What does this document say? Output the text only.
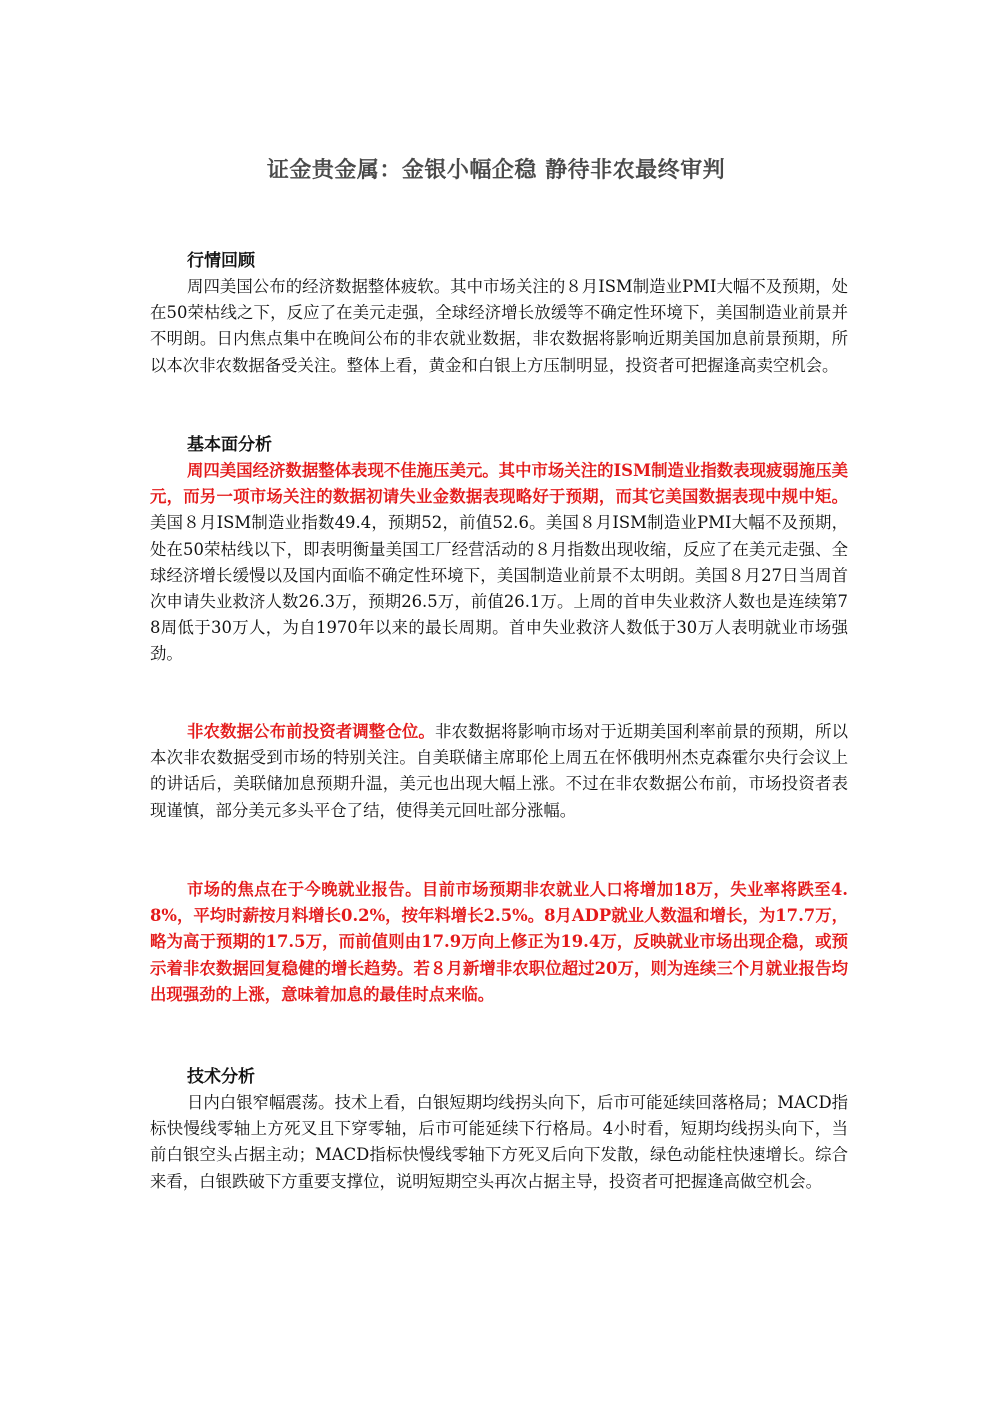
证金贵金属：金银小幅企稳 静待非农最终审判
行情回顾

周四美国公布的经济数据整体疲软。其中市场关注的８月ISM制造业PMI大幅不及预期，处在50荣枯线之下，反应了在美元走强，全球经济增长放缓等不确定性环境下，美国制造业前景并不明朗。日内焦点集中在晚间公布的非农就业数据，非农数据将影响近期美国加息前景预期，所以本次非农数据备受关注。整体上看，黄金和白银上方压制明显，投资者可把握逢高卖空机会。

基本面分析

周四美国经济数据整体表现不佳施压美元。其中市场关注的ISM制造业指数表现疲弱施压美元，而另一项市场关注的数据初请失业金数据表现略好于预期，而其它美国数据表现中规中矩。美国８月ISM制造业指数49.4，预期52，前值52.6。美国８月ISM制造业PMI大幅不及预期，处在50荣枯线以下，即表明衡量美国工厂经营活动的８月指数出现收缩，反应了在美元走强、全球经济增长缓慢以及国内面临不确定性环境下，美国制造业前景不太明朗。美国８月27日当周首次申请失业救济人数26.3万，预期26.5万，前值26.1万。上周的首申失业救济人数也是连续第78周低于30万人，为自1970年以来的最长周期。首申失业救济人数低于30万人表明就业市场强劲。

非农数据公布前投资者调整仓位。非农数据将影响市场对于近期美国利率前景的预期，所以本次非农数据受到市场的特别关注。自美联储主席耶伦上周五在怀俄明州杰克森霍尔央行会议上的讲话后，美联储加息预期升温，美元也出现大幅上涨。不过在非农数据公布前，市场投资者表现谨慎，部分美元多头平仓了结，使得美元回吐部分涨幅。

市场的焦点在于今晚就业报告。目前市场预期非农就业人口将增加18万，失业率将跌至4.8%，平均时薪按月料增长0.2%，按年料增长2.5%。8月ADP就业人数温和增长，为17.7万，略为高于预期的17.5万，而前值则由17.9万向上修正为19.4万，反映就业市场出现企稳，或预示着非农数据回复稳健的增长趋势。若８月新增非农职位超过20万，则为连续三个月就业报告均出现强劲的上涨，意味着加息的最佳时点来临。

技术分析

日内白银窄幅震荡。技术上看，白银短期均线拐头向下，后市可能延续回落格局；MACD指标快慢线零轴上方死叉且下穿零轴，后市可能延续下行格局。4小时看，短期均线拐头向下，当前白银空头占据主动；MACD指标快慢线零轴下方死叉后向下发散，绿色动能柱快速增长。综合来看，白银跌破下方重要支撑位，说明短期空头再次占据主导，投资者可把握逢高做空机会。
